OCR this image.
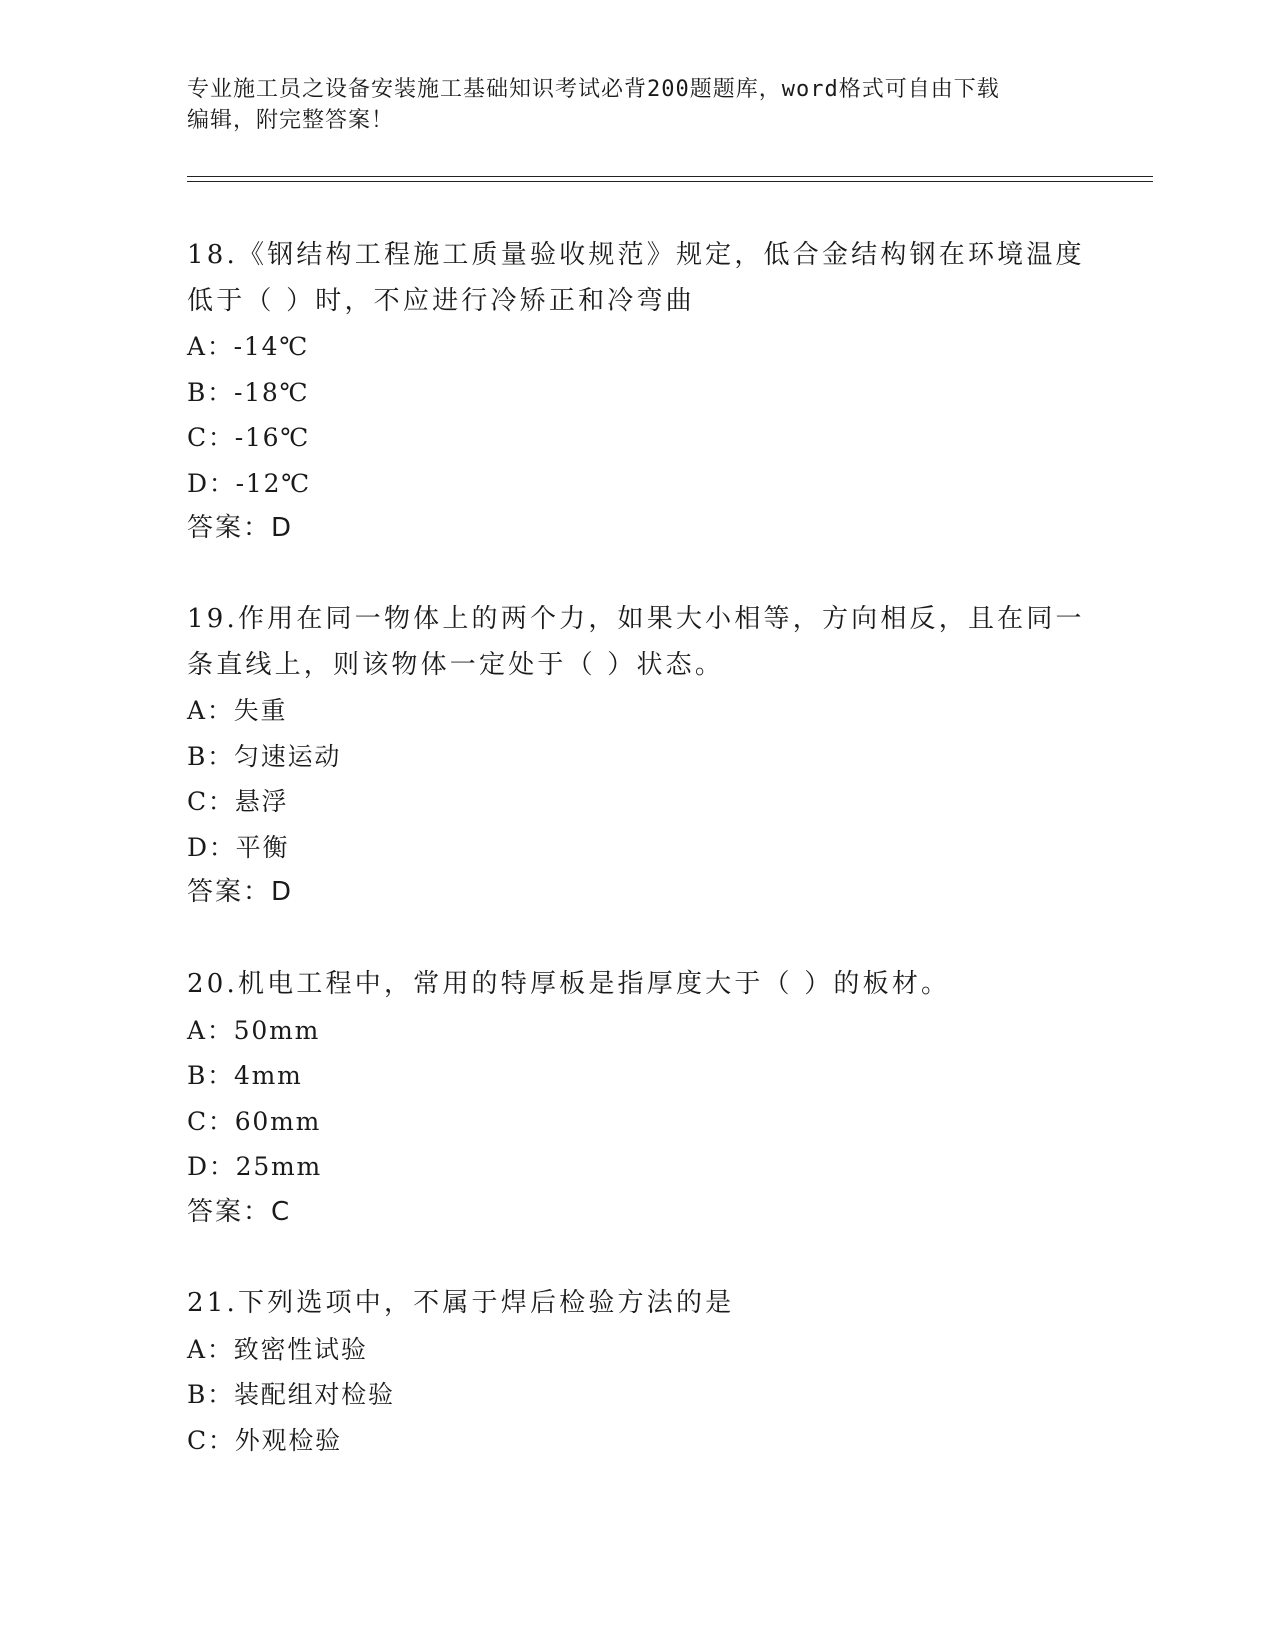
专业施工员之设备安装施工基础知识考试必背200题题库，word格式可自由下载
编辑，附完整答案！
18.《钢结构工程施工质量验收规范》规定，低合金结构钢在环境温度
低于（ ）时，不应进行冷矫正和冷弯曲
A：-14℃
B：-18℃
C：-16℃
D：-12℃
答案：D
19.作用在同一物体上的两个力，如果大小相等，方向相反，且在同一
条直线上，则该物体一定处于（ ）状态。
A：失重
B：匀速运动
C：悬浮
D：平衡
答案：D
20.机电工程中，常用的特厚板是指厚度大于（ ）的板材。
A：50mm
B：4mm
C：60mm
D：25mm
答案：C
21.下列选项中，不属于焊后检验方法的是
A：致密性试验
B：装配组对检验
C：外观检验
